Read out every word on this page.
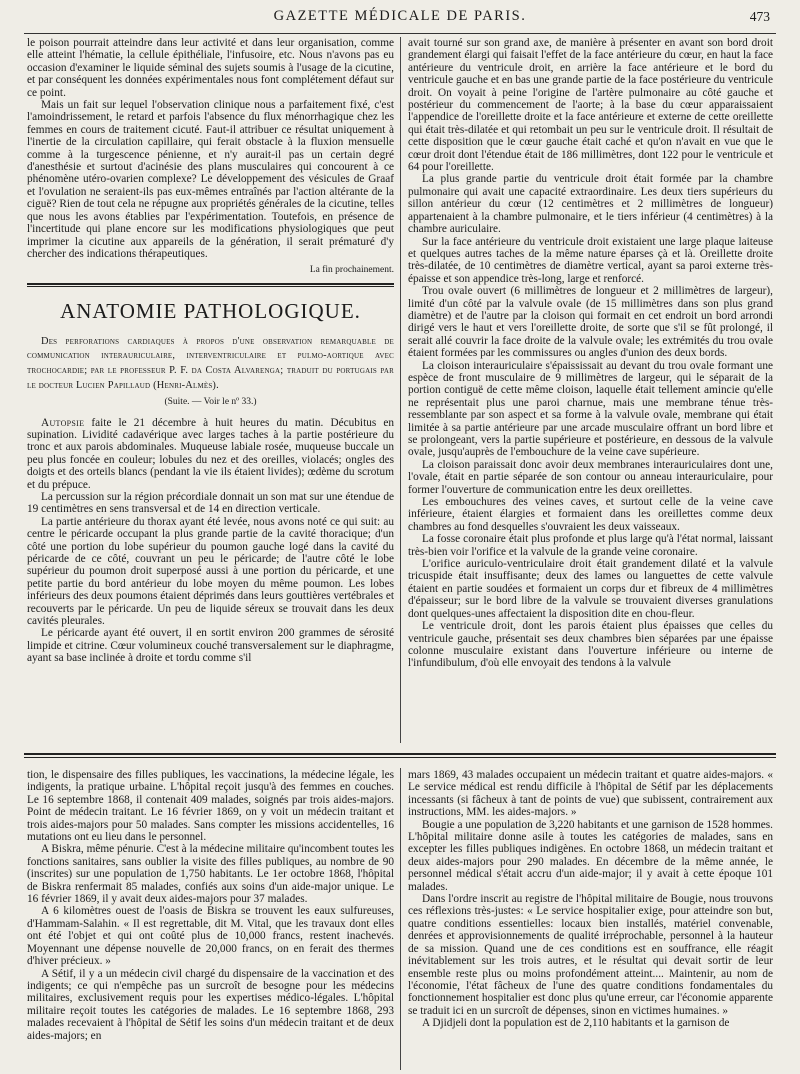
GAZETTE MÉDICALE DE PARIS.	473

le poison pourrait atteindre dans leur activité et dans leur organisation, comme elle atteint l'hématie, la cellule épithéliale, l'infusoire, etc. Nous n'avons pas eu occasion d'examiner le liquide séminal des sujets soumis à l'usage de la cicutine, et par conséquent les données expérimentales nous font complétement défaut sur ce point.

Mais un fait sur lequel l'observation clinique nous a parfaitement fixé, c'est l'amoindrissement, le retard et parfois l'absence du flux ménorrhagique chez les femmes en cours de traitement cicuté. Faut-il attribuer ce résultat uniquement à l'inertie de la circulation capillaire, qui ferait obstacle à la fluxion mensuelle comme à la turgescence pénienne, et n'y aurait-il pas un certain degré d'anesthésie et surtout d'acinésie des plans musculaires qui concourent à ce phénomène utéro-ovarien complexe? Le développement des vésicules de Graaf et l'ovulation ne seraient-ils pas eux-mêmes entraînés par l'action altérante de la ciguë? Rien de tout cela ne répugne aux propriétés générales de la cicutine, telles que nous les avons établies par l'expérimentation. Toutefois, en présence de l'incertitude qui plane encore sur les modifications physiologiques que peut imprimer la cicutine aux appareils de la génération, il serait prématuré d'y chercher des indications thérapeutiques.

La fin prochainement.
ANATOMIE PATHOLOGIQUE.

Des perforations cardiaques à propos d'une observation remarquable de communication interauriculaire, interventriculaire et pulmo-aortique avec trochocardie; par le professeur P. F. da Costa Alvarenga; traduit du portugais par le docteur Lucien Papillaud (Henri-Almès).

(Suite. — Voir le nº 33.)

Autopsie faite le 21 décembre à huit heures du matin. Décubitus en supination. Lividité cadavérique avec larges taches à la partie postérieure du tronc et aux parois abdominales. Muqueuse labiale rosée, muqueuse buccale un peu plus foncée en couleur; lobules du nez et des oreilles, violacés; ongles des doigts et des orteils blancs (pendant la vie ils étaient livides); œdème du scrotum et du prépuce.

La percussion sur la région précordiale donnait un son mat sur une étendue de 19 centimètres en sens transversal et de 14 en direction verticale.

La partie antérieure du thorax ayant été levée, nous avons noté ce qui suit: au centre le péricarde occupant la plus grande partie de la cavité thoracique; d'un côté une portion du lobe supérieur du poumon gauche logé dans la cavité du péricarde de ce côté, couvrant un peu le péricarde; de l'autre côté le lobe supérieur du poumon droit superposé aussi à une portion du péricarde, et une petite partie du bord antérieur du lobe moyen du même poumon. Les lobes inférieurs des deux poumons étaient déprimés dans leurs gouttières vertébrales et recouverts par le péricarde. Un peu de liquide séreux se trouvait dans les deux cavités pleurales.

Le péricarde ayant été ouvert, il en sortit environ 200 grammes de sérosité limpide et citrine. Cœur volumineux couché transversalement sur le diaphragme, ayant sa base inclinée à droite et tordu comme s'il

avait tourné sur son grand axe, de manière à présenter en avant son bord droit grandement élargi qui faisait l'effet de la face antérieure du cœur, en haut la face antérieure du ventricule droit, en arrière la face antérieure et le bord du ventricule gauche et en bas une grande partie de la face postérieure du ventricule droit. On voyait à peine l'origine de l'artère pulmonaire au côté gauche et postérieur du commencement de l'aorte; à la base du cœur apparaissaient l'appendice de l'oreillette droite et la face antérieure et externe de cette oreillette qui était très-dilatée et qui retombait un peu sur le ventricule droit. Il résultait de cette disposition que le cœur gauche était caché et qu'on n'avait en vue que le cœur droit dont l'étendue était de 186 millimètres, dont 122 pour le ventricule et 64 pour l'oreillette.

La plus grande partie du ventricule droit était formée par la chambre pulmonaire qui avait une capacité extraordinaire. Les deux tiers supérieurs du sillon antérieur du cœur (12 centimètres et 2 millimètres de longueur) appartenaient à la chambre pulmonaire, et le tiers inférieur (4 centimètres) à la chambre auriculaire.

Sur la face antérieure du ventricule droit existaient une large plaque laiteuse et quelques autres taches de la même nature éparses çà et là. Oreillette droite très-dilatée, de 10 centimètres de diamètre vertical, ayant sa paroi externe très-épaisse et son appendice très-long, large et renforcé.

Trou ovale ouvert (6 millimètres de longueur et 2 millimètres de largeur), limité d'un côté par la valvule ovale (de 15 millimètres dans son plus grand diamètre) et de l'autre par la cloison qui formait en cet endroit un bord arrondi dirigé vers le haut et vers l'oreillette droite, de sorte que s'il se fût prolongé, il serait allé couvrir la face droite de la valvule ovale; les extrémités du trou ovale étaient formées par les commissures ou angles d'union des deux bords.

La cloison interauriculaire s'épaississait au devant du trou ovale formant une espèce de front musculaire de 9 millimètres de largeur, qui le séparait de la portion contiguë de cette même cloison, laquelle était tellement amincie qu'elle ne représentait plus une paroi charnue, mais une membrane ténue très-ressemblante par son aspect et sa forme à la valvule ovale, membrane qui était limitée à sa partie antérieure par une arcade musculaire offrant un bord libre et se prolongeant, vers la partie supérieure et postérieure, en dessous de la valvule ovale, jusqu'auprès de l'embouchure de la veine cave supérieure.

La cloison paraissait donc avoir deux membranes interauriculaires dont une, l'ovale, était en partie séparée de son contour ou anneau interauriculaire, pour former l'ouverture de communication entre les deux oreillettes.

Les embouchures des veines caves, et surtout celle de la veine cave inférieure, étaient élargies et formaient dans les oreillettes comme deux chambres au fond desquelles s'ouvraient les deux vaisseaux.

La fosse coronaire était plus profonde et plus large qu'à l'état normal, laissant très-bien voir l'orifice et la valvule de la grande veine coronaire.

L'orifice auriculo-ventriculaire droit était grandement dilaté et la valvule tricuspide était insuffisante; deux des lames ou languettes de cette valvule étaient en partie soudées et formaient un corps dur et fibreux de 4 millimètres d'épaisseur; sur le bord libre de la valvule se trouvaient diverses granulations dont quelques-unes affectaient la disposition dite en chou-fleur.

Le ventricule droit, dont les parois étaient plus épaisses que celles du ventricule gauche, présentait ses deux chambres bien séparées par une épaisse colonne musculaire existant dans l'ouverture inférieure ou interne de l'infundibulum, d'où elle envoyait des tendons à la valvule

tion, le dispensaire des filles publiques, les vaccinations, la médecine légale, les indigents, la pratique urbaine. L'hôpital reçoit jusqu'à des femmes en couches. Le 16 septembre 1868, il contenait 409 malades, soignés par trois aides-majors. Point de médecin traitant. Le 16 février 1869, on y voit un médecin traitant et trois aides-majors pour 50 malades. Sans compter les missions accidentelles, 16 mutations ont eu lieu dans le personnel.

A Biskra, même pénurie. C'est à la médecine militaire qu'incombent toutes les fonctions sanitaires, sans oublier la visite des filles publiques, au nombre de 90 (inscrites) sur une population de 1,750 habitants. Le 1er octobre 1868, l'hôpital de Biskra renfermait 85 malades, confiés aux soins d'un aide-major unique. Le 16 février 1869, il y avait deux aides-majors pour 37 malades.

A 6 kilomètres ouest de l'oasis de Biskra se trouvent les eaux sulfureuses, d'Hammam-Salahin. « Il est regrettable, dit M. Vital, que les travaux dont elles ont été l'objet et qui ont coûté plus de 10,000 francs, restent inachevés. Moyennant une dépense nouvelle de 20,000 francs, on en ferait des thermes d'hiver précieux. »

A Sétif, il y a un médecin civil chargé du dispensaire de la vaccination et des indigents; ce qui n'empêche pas un surcroît de besogne pour les médecins militaires, exclusivement requis pour les expertises médico-légales. L'hôpital militaire reçoit toutes les catégories de malades. Le 16 septembre 1868, 293 malades recevaient à l'hôpital de Sétif les soins d'un médecin traitant et de deux aides-majors; en

mars 1869, 43 malades occupaient un médecin traitant et quatre aides-majors. « Le service médical est rendu difficile à l'hôpital de Sétif par les déplacements incessants (si fâcheux à tant de points de vue) que subissent, contrairement aux instructions, MM. les aides-majors. »

Bougie a une population de 3,220 habitants et une garnison de 1528 hommes. L'hôpital militaire donne asile à toutes les catégories de malades, sans en excepter les filles publiques indigènes. En octobre 1868, un médecin traitant et deux aides-majors pour 290 malades. En décembre de la même année, le personnel médical s'était accru d'un aide-major; il y avait à cette époque 101 malades.

Dans l'ordre inscrit au registre de l'hôpital militaire de Bougie, nous trouvons ces réflexions très-justes: « Le service hospitalier exige, pour atteindre son but, quatre conditions essentielles: locaux bien installés, matériel convenable, denrées et approvisionnements de qualité irréprochable, personnel à la hauteur de sa mission. Quand une de ces conditions est en souffrance, elle réagit inévitablement sur les trois autres, et le résultat qui devait sortir de leur ensemble reste plus ou moins profondément atteint.... Maintenir, au nom de l'économie, l'état fâcheux de l'une des quatre conditions fondamentales du fonctionnement hospitalier est donc plus qu'une erreur, car l'économie apparente se traduit ici en un surcroît de dépenses, sinon en victimes humaines. »

A Djidjeli dont la population est de 2,110 habitants et la garnison de
